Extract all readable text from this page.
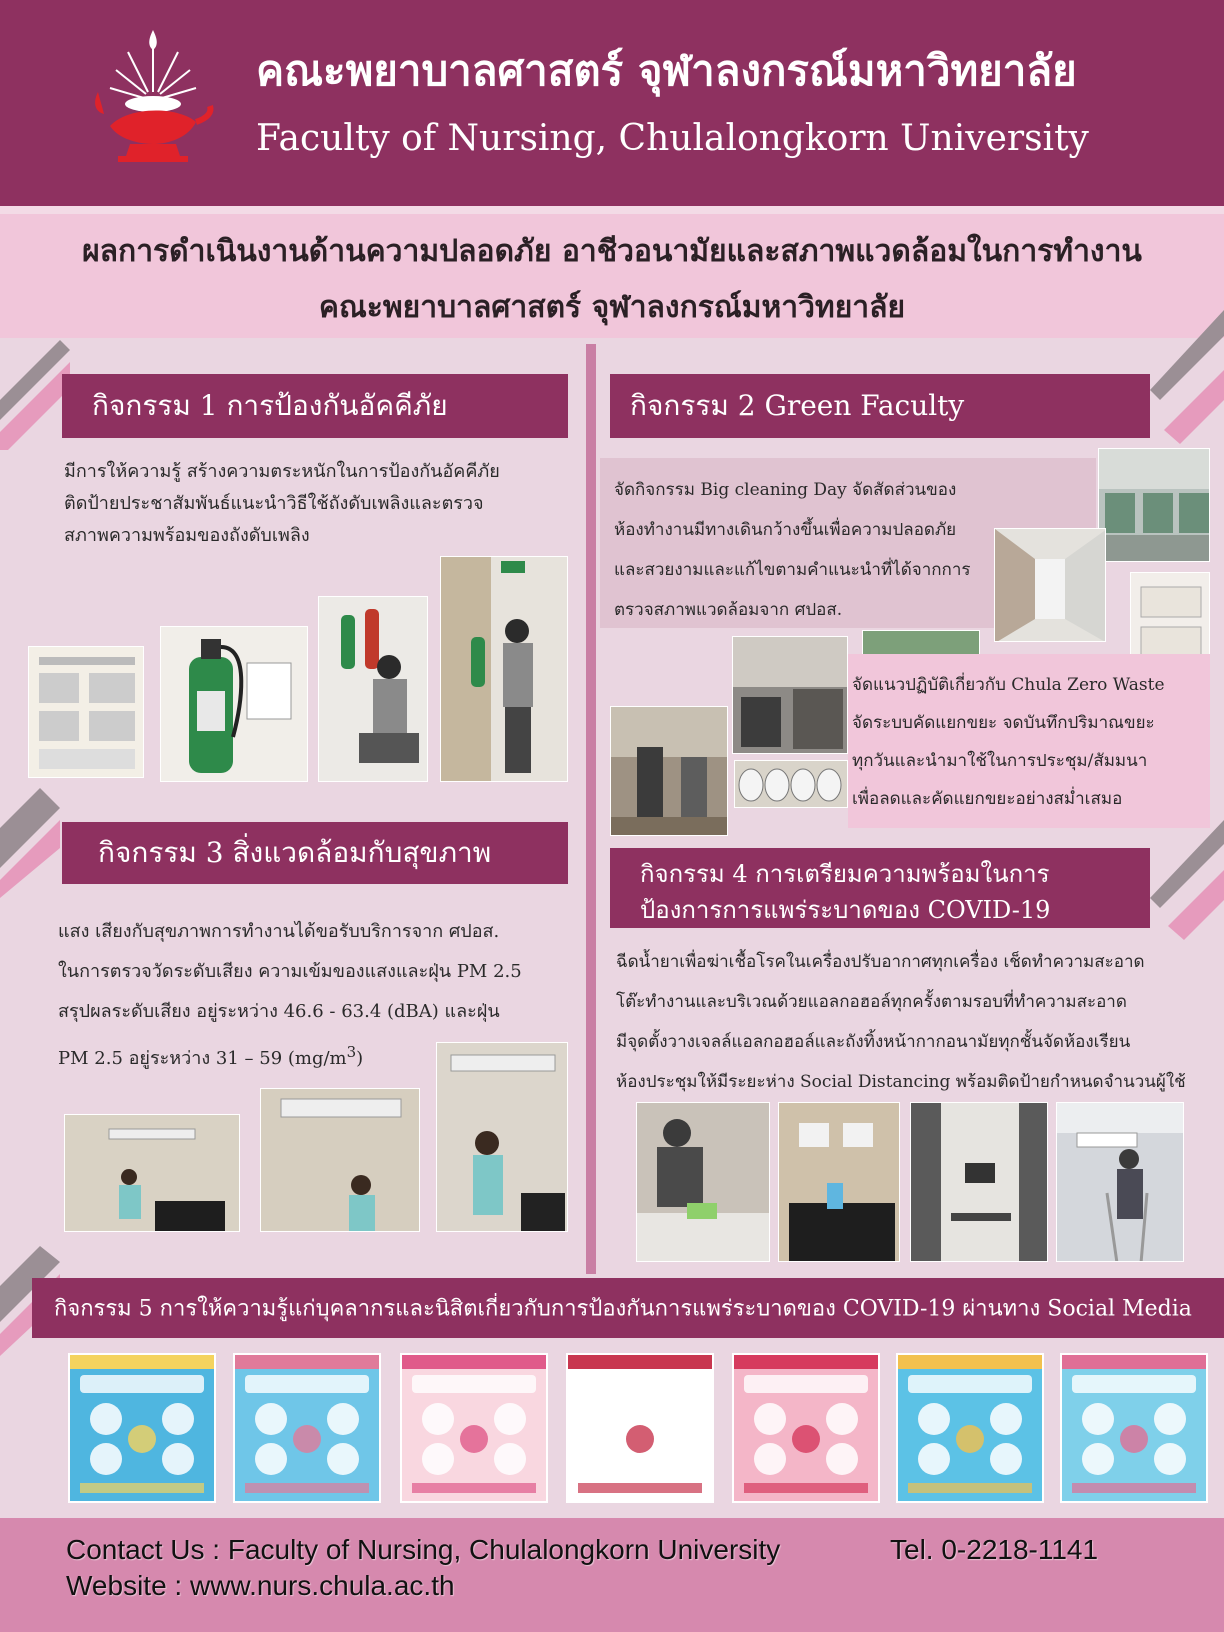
คณะพยาบาลศาสตร์ จุฬาลงกรณ์มหาวิทยาลัย
Faculty of Nursing, Chulalongkorn University
ผลการดำเนินงานด้านความปลอดภัย อาชีวอนามัยและสภาพแวดล้อมในการทำงาน
คณะพยาบาลศาสตร์ จุฬาลงกรณ์มหาวิทยาลัย
กิจกรรม 1 การป้องกันอัคคีภัย
มีการให้ความรู้ สร้างความตระหนักในการป้องกันอัคคีภัย
ติดป้ายประชาสัมพันธ์แนะนำวิธีใช้ถังดับเพลิงและตรวจ
สภาพความพร้อมของถังดับเพลิง
กิจกรรม 2 Green Faculty
จัดกิจกรรม Big cleaning Day จัดสัดส่วนของ
ห้องทำงานมีทางเดินกว้างขึ้นเพื่อความปลอดภัย
และสวยงามและแก้ไขตามคำแนะนำที่ได้จากการ
ตรวจสภาพแวดล้อมจาก ศปอส.
จัดแนวปฏิบัติเกี่ยวกับ Chula Zero Waste
จัดระบบคัดแยกขยะ จดบันทึกปริมาณขยะ
ทุกวันและนำมาใช้ในการประชุม/สัมมนา
เพื่อลดและคัดแยกขยะอย่างสม่ำเสมอ
กิจกรรม 3 สิ่งแวดล้อมกับสุขภาพ
แสง เสียงกับสุขภาพการทำงานได้ขอรับบริการจาก ศปอส.
ในการตรวจวัดระดับเสียง ความเข้มของแสงและฝุ่น PM 2.5
สรุปผลระดับเสียง อยู่ระหว่าง 46.6 - 63.4 (dBA) และฝุ่น
PM 2.5 อยู่ระหว่าง 31 – 59 $(mg/m^3)$
กิจกรรม 4 การเตรียมความพร้อมในการ
ป้องการการแพร่ระบาดของ COVID-19
ฉีดน้ำยาเพื่อฆ่าเชื้อโรคในเครื่องปรับอากาศทุกเครื่อง เช็ดทำความสะอาด
โต๊ะทำงานและบริเวณด้วยแอลกอฮอล์ทุกครั้งตามรอบที่ทำความสะอาด
มีจุดตั้งวางเจลล์แอลกอฮอล์และถังทิ้งหน้ากากอนามัยทุกชั้นจัดห้องเรียน
ห้องประชุมให้มีระยะห่าง Social Distancing พร้อมติดป้ายกำหนดจำนวนผู้ใช้
กิจกรรม 5 การให้ความรู้แก่บุคลากรและนิสิตเกี่ยวกับการป้องกันการแพร่ระบาดของ COVID-19 ผ่านทาง Social Media
Contact Us : Faculty of Nursing, Chulalongkorn University	Tel. 0-2218-1141
Website : www.nurs.chula.ac.th
